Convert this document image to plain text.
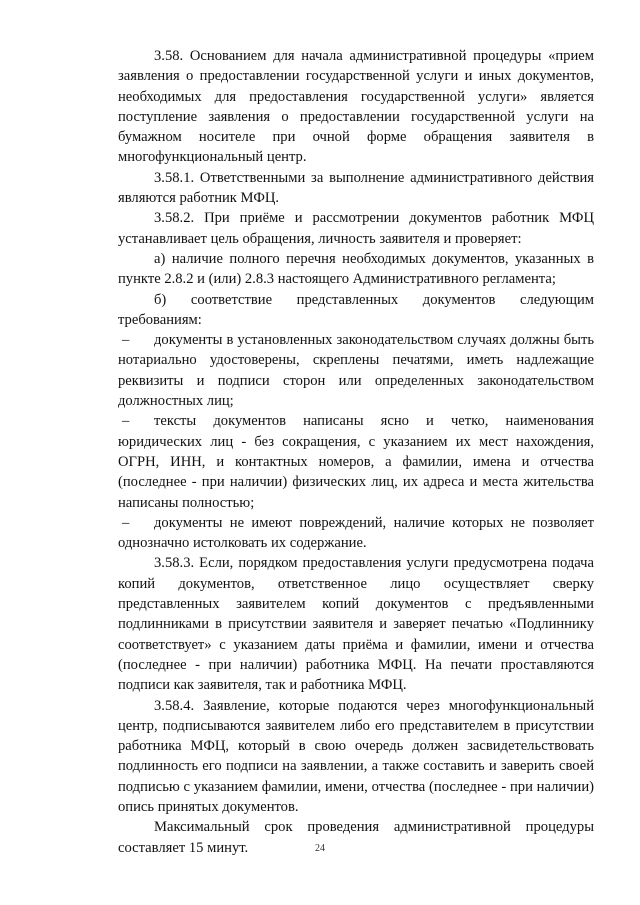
3.58. Основанием для начала административной процедуры «прием заявления о предоставлении государственной услуги и иных документов, необходимых для предоставления государственной услуги» является поступление заявления о предоставлении государственной услуги на бумажном носителе при очной форме обращения заявителя в многофункциональный центр.

3.58.1. Ответственными за выполнение административного действия являются работник МФЦ.

3.58.2. При приёме и рассмотрении документов работник МФЦ устанавливает цель обращения, личность заявителя и проверяет:

а) наличие полного перечня необходимых документов, указанных в пункте 2.8.2 и (или) 2.8.3 настоящего Административного регламента;

б) соответствие представленных документов следующим требованиям:

– документы в установленных законодательством случаях должны быть нотариально удостоверены, скреплены печатями, иметь надлежащие реквизиты и подписи сторон или определенных законодательством должностных лиц;

– тексты документов написаны ясно и четко, наименования юридических лиц - без сокращения, с указанием их мест нахождения, ОГРН, ИНН, и контактных номеров, а фамилии, имена и отчества (последнее - при наличии) физических лиц, их адреса и места жительства написаны полностью;

– документы не имеют повреждений, наличие которых не позволяет однозначно истолковать их содержание.

3.58.3. Если, порядком предоставления услуги предусмотрена подача копий документов, ответственное лицо осуществляет сверку представленных заявителем копий документов с предъявленными подлинниками в присутствии заявителя и заверяет печатью «Подлиннику соответствует» с указанием даты приёма и фамилии, имени и отчества (последнее - при наличии) работника МФЦ. На печати проставляются подписи как заявителя, так и работника МФЦ.

3.58.4. Заявление, которые подаются через многофункциональный центр, подписываются заявителем либо его представителем в присутствии работника МФЦ, который в свою очередь должен засвидетельствовать подлинность его подписи на заявлении, а также составить и заверить своей подписью с указанием фамилии, имени, отчества (последнее - при наличии) опись принятых документов.

Максимальный срок проведения административной процедуры составляет 15 минут.	24
